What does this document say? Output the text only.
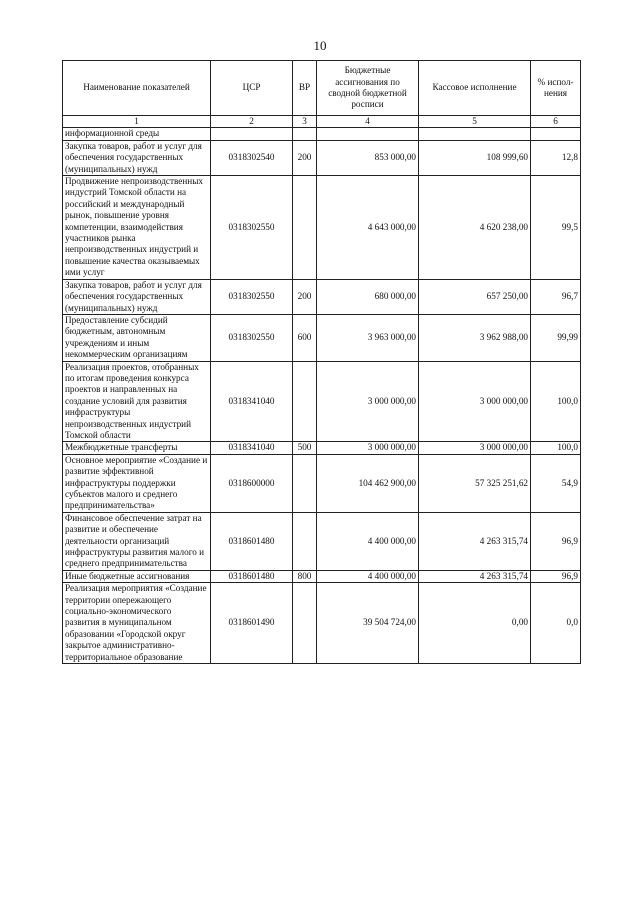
10
Наименование показателей	ЦСР	ВР	Бюджетные ассигнования по сводной бюджетной росписи	Кассовое исполнение	% испол-нения
1	2	3	4	5	6
информационной среды					
Закупка товаров, работ и услуг для обеспечения государственных (муниципальных) нужд	0318302540	200	853 000,00	108 999,60	12,8
Продвижение непроизводственных индустрий Томской области на российский и международный рынок, повышение уровня компетенции, взаимодействия участников рынка непроизводственных индустрий и повышение качества оказываемых ими услуг	0318302550		4 643 000,00	4 620 238,00	99,5
Закупка товаров, работ и услуг для обеспечения государственных (муниципальных) нужд	0318302550	200	680 000,00	657 250,00	96,7
Предоставление субсидий бюджетным, автономным учреждениям и иным некоммерческим организациям	0318302550	600	3 963 000,00	3 962 988,00	99,99
Реализация проектов, отобранных по итогам проведения конкурса проектов и направленных на создание условий для развития инфраструктуры непроизводственных индустрий Томской области	0318341040		3 000 000,00	3 000 000,00	100,0
Межбюджетные трансферты	0318341040	500	3 000 000,00	3 000 000,00	100,0
Основное мероприятие «Создание и развитие эффективной инфраструктуры поддержки субъектов малого и среднего предпринимательства»	0318600000		104 462 900,00	57 325 251,62	54,9
Финансовое обеспечение затрат на развитие и обеспечение деятельности организаций инфраструктуры развития малого и среднего предпринимательства	0318601480		4 400 000,00	4 263 315,74	96,9
Иные бюджетные ассигнования	0318601480	800	4 400 000,00	4 263 315,74	96,9
Реализация мероприятия «Создание территории опережающего социально-экономического развития в муниципальном образовании «Городской округ закрытое административно-территориальное образование	0318601490		39 504 724,00	0,00	0,0
